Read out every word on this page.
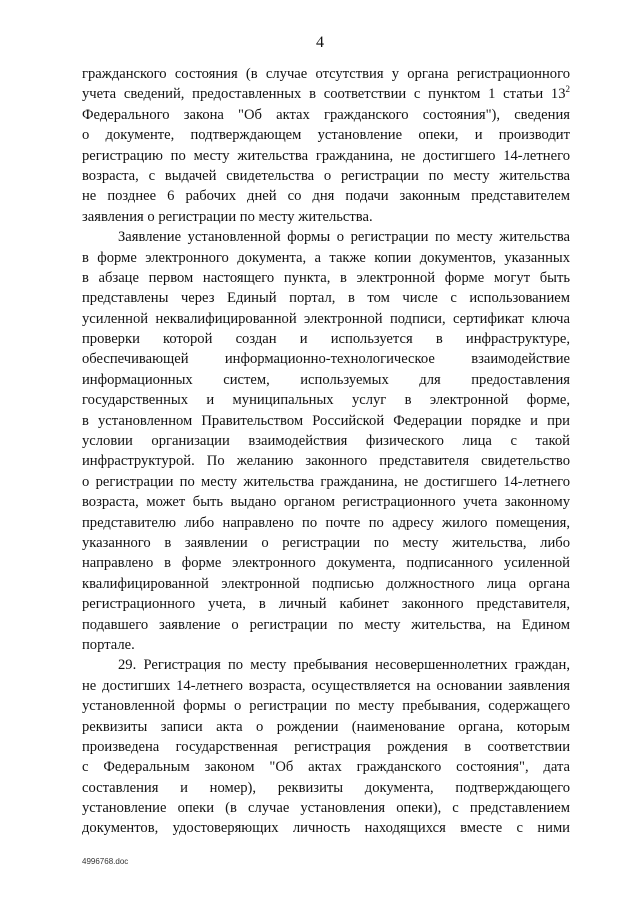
4
гражданского состояния (в случае отсутствия у органа регистрационного
учета сведений, предоставленных в соответствии с пунктом 1 статьи $13^2$
Федерального закона "Об актах гражданского состояния"), сведения
о документе, подтверждающем установление опеки, и производит
регистрацию по месту жительства гражданина, не достигшего 14-летнего
возраста, с выдачей свидетельства о регистрации по месту жительства
не позднее 6 рабочих дней со дня подачи законным представителем
заявления о регистрации по месту жительства.
Заявление установленной формы о регистрации по месту жительства
в форме электронного документа, а также копии документов, указанных
в абзаце первом настоящего пункта, в электронной форме могут быть
представлены через Единый портал, в том числе с использованием
усиленной неквалифицированной электронной подписи, сертификат ключа
проверки которой создан и используется в инфраструктуре,
обеспечивающей информационно-технологическое взаимодействие
информационных систем, используемых для предоставления
государственных и муниципальных услуг в электронной форме,
в установленном Правительством Российской Федерации порядке и при
условии организации взаимодействия физического лица с такой
инфраструктурой. По желанию законного представителя свидетельство
о регистрации по месту жительства гражданина, не достигшего 14-летнего
возраста, может быть выдано органом регистрационного учета законному
представителю либо направлено по почте по адресу жилого помещения,
указанного в заявлении о регистрации по месту жительства, либо
направлено в форме электронного документа, подписанного усиленной
квалифицированной электронной подписью должностного лица органа
регистрационного учета, в личный кабинет законного представителя,
подавшего заявление о регистрации по месту жительства, на Едином
портале.
29. Регистрация по месту пребывания несовершеннолетних граждан,
не достигших 14-летнего возраста, осуществляется на основании заявления
установленной формы о регистрации по месту пребывания, содержащего
реквизиты записи акта о рождении (наименование органа, которым
произведена государственная регистрация рождения в соответствии
с Федеральным законом "Об актах гражданского состояния", дата
составления и номер), реквизиты документа, подтверждающего
установление опеки (в случае установления опеки), с представлением
документов, удостоверяющих личность находящихся вместе с ними
4996768.doc
